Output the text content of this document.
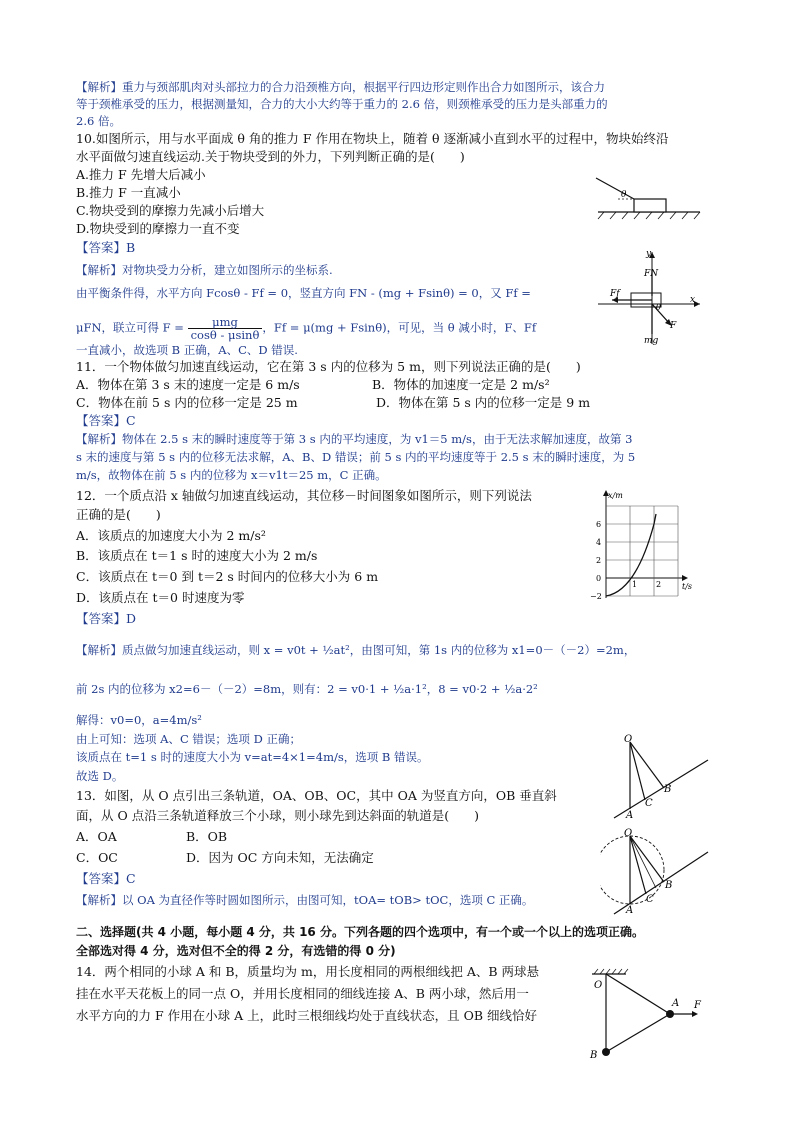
【解析】重力与颈部肌肉对头部拉力的合力沿颈椎方向，根据平行四边形定则作出合力如图所示，该合力
等于颈椎承受的压力，根据测量知，合力的大小大约等于重力的 2.6 倍，则颈椎承受的压力是头部重力的
2.6 倍。
10.如图所示，用与水平面成 θ 角的推力 F 作用在物块上，随着 θ 逐渐减小直到水平的过程中，物块始终沿
水平面做匀速直线运动.关于物块受到的外力，下列判断正确的是(　　)
A.推力 F 先增大后减小
B.推力 F 一直减小
C.物块受到的摩擦力先减小后增大
D.物块受到的摩擦力一直不变
【答案】B
【解析】对物块受力分析，建立如图所示的坐标系.
由平衡条件得，水平方向 Fcosθ - Ff = 0，竖直方向 FN - (mg + Fsinθ) = 0，又 Ff =
μFN，联立可得 $F = \frac{\text{μmg}}{\cos\theta - \mu\sin\theta}$ ，Ff = μ(mg + Fsinθ)，可见，当 θ 减小时，F、Ff
一直减小，故选项 B 正确，A、C、D 错误.
θ
y
FN
Ff
θ
x
F
mg
11．一个物体做匀加速直线运动，它在第 3 s 内的位移为 5 m，则下列说法正确的是(　　)
A．物体在第 3 s 末的速度一定是 6 m/s	B．物体的加速度一定是 2 m/s²
C．物体在前 5 s 内的位移一定是 25 m	D．物体在第 5 s 内的位移一定是 9 m
【答案】C
【解析】物体在 2.5 s 末的瞬时速度等于第 3 s 内的平均速度，为 v1＝5 m/s，由于无法求解加速度，故第 3
s 末的速度与第 5 s 内的位移无法求解，A、B、D 错误；前 5 s 内的平均速度等于 2.5 s 末的瞬时速度，为 5
m/s，故物体在前 5 s 内的位移为 x＝v1t＝25 m，C 正确。
12．一个质点沿 x 轴做匀加速直线运动，其位移－时间图象如图所示，则下列说法
正确的是(　　)
A．该质点的加速度大小为 2 m/s²
B．该质点在 t＝1 s 时的速度大小为 2 m/s
C．该质点在 t＝0 到 t＝2 s 时间内的位移大小为 6 m
D．该质点在 t＝0 时速度为零
【答案】D
x/m
t/s
6
4
2
0
−2
1 2
【解析】质点做匀加速直线运动，则 x = v0t + ½at²，由图可知，第 1s 内的位移为 x1=0－（－2）=2m，
前 2s 内的位移为 x2=6－（－2）=8m，则有：2 = v0·1 + ½a·1²，8 = v0·2 + ½a·2²
解得：v0=0，a=4m/s²
由上可知：选项 A、C 错误；选项 D 正确；
该质点在 t=1 s 时的速度大小为 v=at=4×1=4m/s，选项 B 错误。
故选 D。
13．如图，从 O 点引出三条轨道，OA、OB、OC，其中 OA 为竖直方向，OB 垂直斜
面，从 O 点沿三条轨道释放三个小球，则小球先到达斜面的轨道是(　　)
A．OA	B．OB
C．OC	D．因为 OC 方向未知，无法确定
【答案】C
【解析】以 OA 为直径作等时圆如图所示，由图可知，tOA= tOB> tOC，选项 C 正确。
O
A
C
B
O
A
C
B
二、选择题(共 4 小题，每小题 4 分，共 16 分。下列各题的四个选项中，有一个或一个以上的选项正确。
全部选对得 4 分，选对但不全的得 2 分，有选错的得 0 分)
14．两个相同的小球 A 和 B，质量均为 m，用长度相同的两根细线把 A、B 两球悬
挂在水平天花板上的同一点 O，并用长度相同的细线连接 A、B 两小球，然后用一
水平方向的力 F 作用在小球 A 上，此时三根细线均处于直线状态，且 OB 细线恰好
O
A F
B
